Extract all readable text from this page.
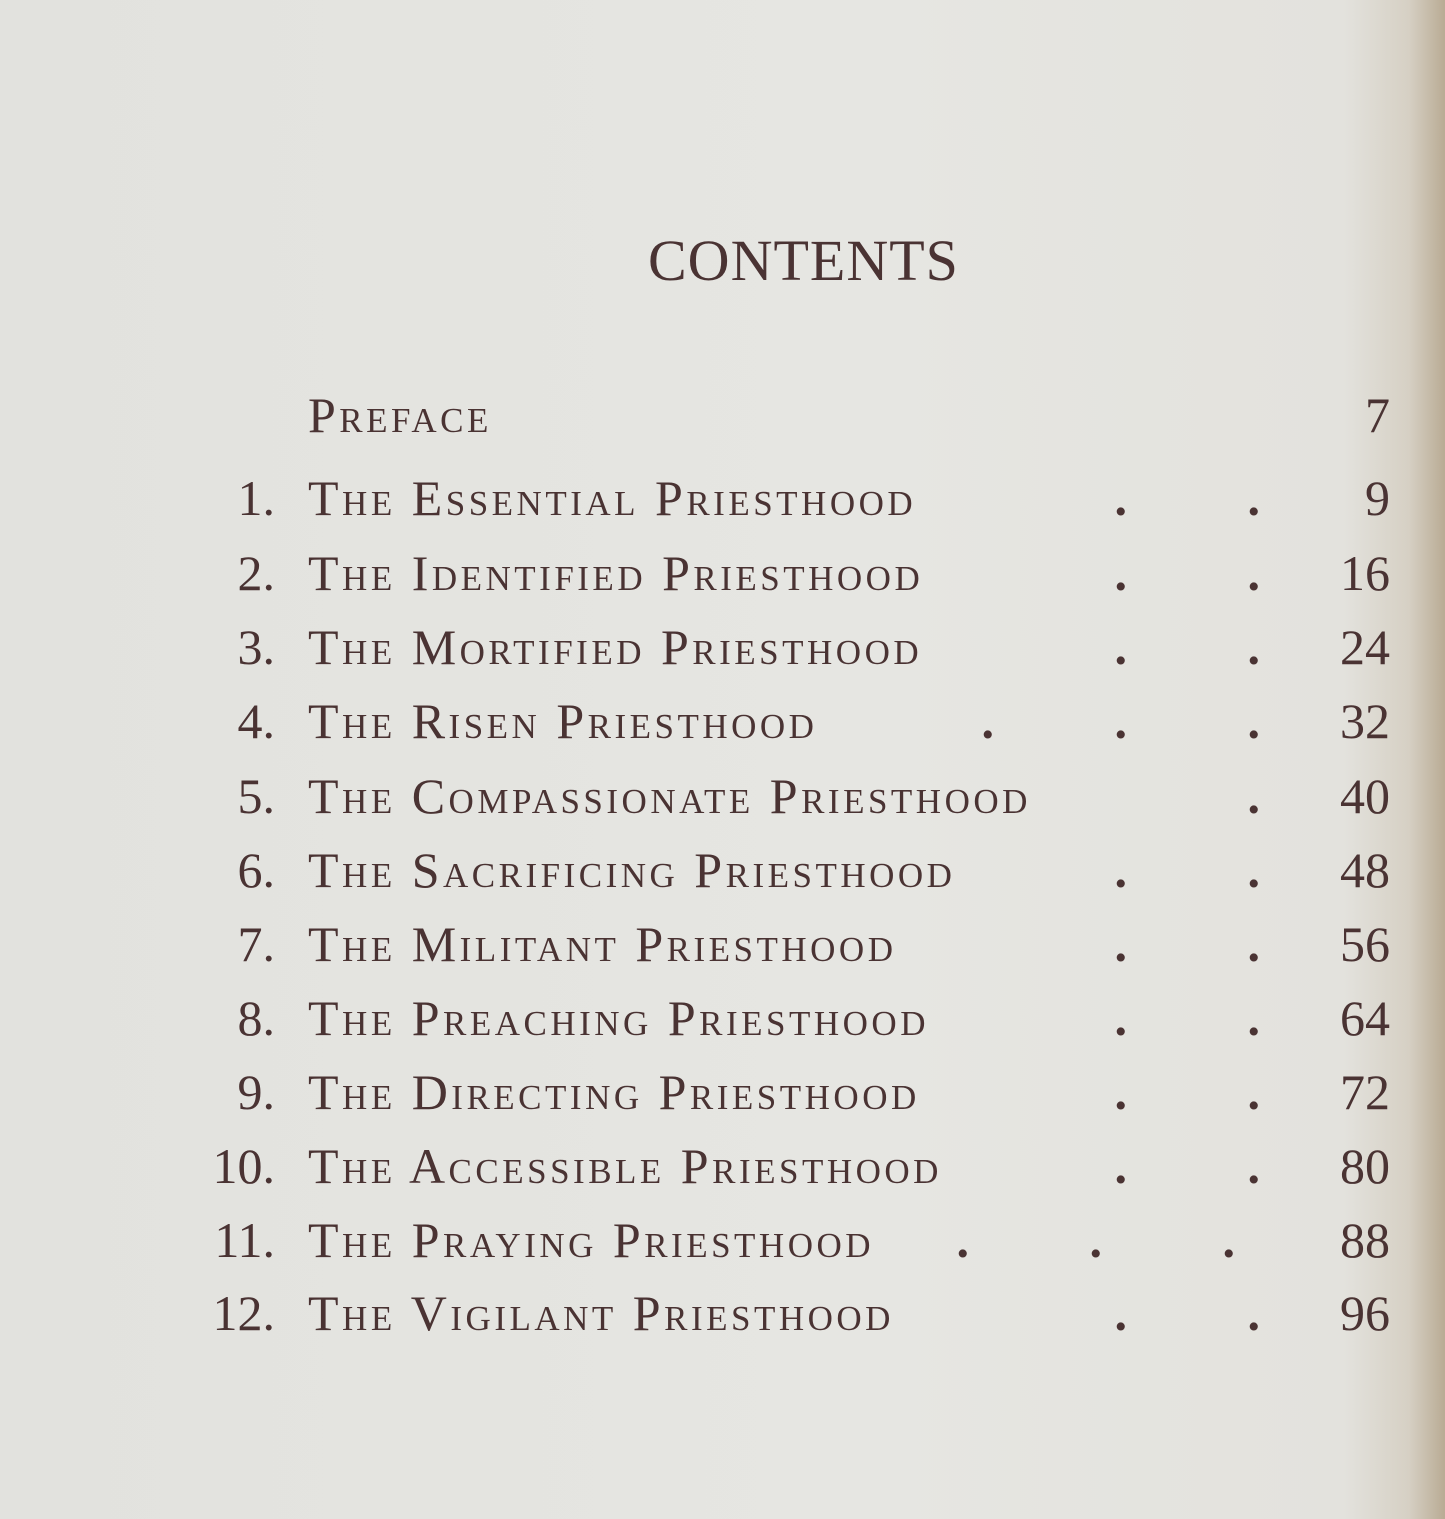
CONTENTS
Preface	7
1. The Essential Priesthood	. . 9
2. The Identified Priesthood	. . 16
3. The Mortified Priesthood	. . 24
4. The Risen Priesthood	. . . 32
5. The Compassionate Priesthood	. 40
6. The Sacrificing Priesthood	. . 48
7. The Militant Priesthood	. . 56
8. The Preaching Priesthood	. . 64
9. The Directing Priesthood	. . 72
10. The Accessible Priesthood	. . 80
11. The Praying Priesthood . . . 88
12. The Vigilant Priesthood	. . 96
